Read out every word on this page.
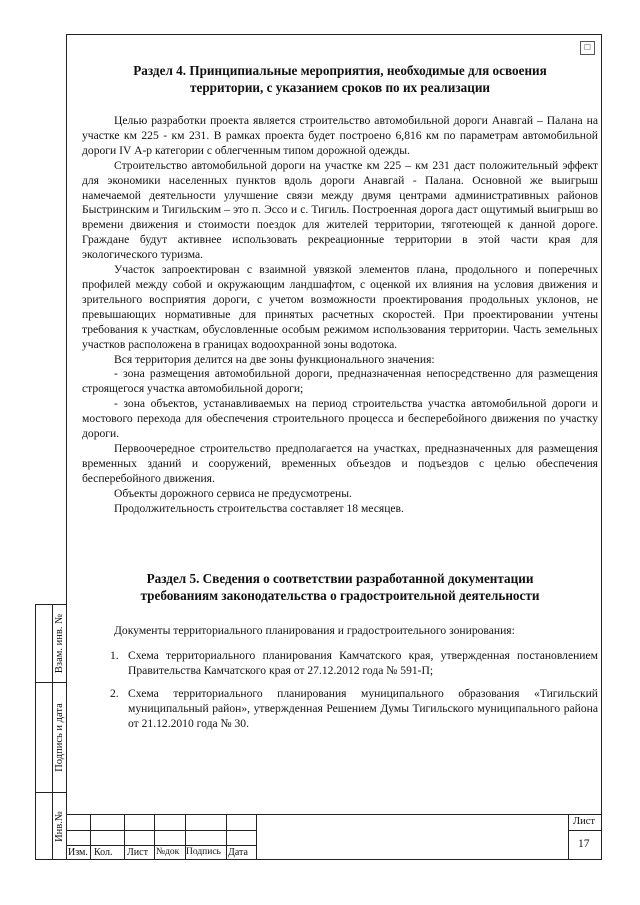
☐
Взам. инв. №
Подпись и дата
Инв.№
Раздел 4. Принципиальные мероприятия, необходимые для освоения
территории, с указанием сроков по их реализации

Целью разработки проекта является строительство автомобильной дороги Анавгай – Палана на участке км 225 - км 231. В рамках проекта будет построено 6,816 км по параметрам автомобильной дороги IV А-р категории с облегченным типом дорожной одежды.

Строительство автомобильной дороги на участке км 225 – км 231 даст положительный эффект для экономики населенных пунктов вдоль дороги Анавгай - Палана. Основной же выигрыш намечаемой деятельности улучшение связи между двумя центрами административных районов Быстринским и Тигильским – это п. Эссо и с. Тигиль. Построенная дорога даст ощутимый выигрыш во времени движения и стоимости поездок для жителей территории, тяготеющей к данной дороге. Граждане будут активнее использовать рекреационные территории в этой части края для экологического туризма.

Участок запроектирован с взаимной увязкой элементов плана, продольного и поперечных профилей между собой и окружающим ландшафтом, с оценкой их влияния на условия движения и зрительного восприятия дороги, с учетом возможности проектирования продольных уклонов, не превышающих нормативные для принятых расчетных скоростей. При проектировании учтены требования к участкам, обусловленные особым режимом использования территории. Часть земельных участков расположена в границах водоохранной зоны водотока.

Вся территория делится на две зоны функционального значения:

- зона размещения автомобильной дороги, предназначенная непосредственно для размещения строящегося участка автомобильной дороги;

- зона объектов, устанавливаемых на период строительства участка автомобильной дороги и мостового перехода для обеспечения строительного процесса и бесперебойного движения по участку дороги.

Первоочередное строительство предполагается на участках, предназначенных для размещения временных зданий и сооружений, временных объездов и подъездов с целью обеспечения бесперебойного движения.

Объекты дорожного сервиса не предусмотрены.

Продолжительность строительства составляет 18 месяцев.

Раздел 5. Сведения о соответствии разработанной документации
требованиям законодательства о градостроительной деятельности

Документы территориального планирования и градостроительного зонирования:

1. Схема территориального планирования Камчатского края, утвержденная постановлением Правительства Камчатского края от 27.12.2012 года № 591-П;
2. Схема территориального планирования муниципального образования «Тигильский муниципальный район», утвержденная Решением Думы Тигильского муниципального района от 21.12.2010 года № 30.
Изм. Кол. Лист №док Подпись Дата
Лист
17
